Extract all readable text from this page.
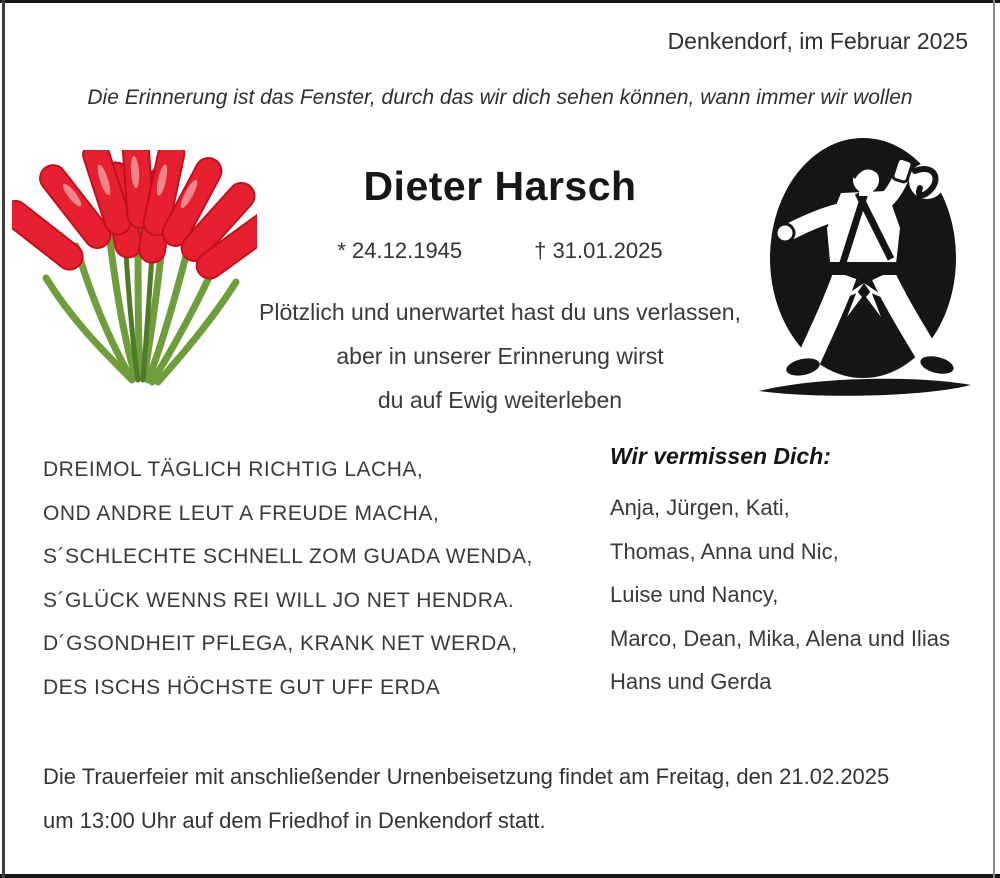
Denkendorf, im Februar 2025
Die Erinnerung ist das Fenster, durch das wir dich sehen können, wann immer wir wollen
Dieter Harsch
* 24.12.1945	† 31.01.2025
Plötzlich und unerwartet hast du uns verlassen,
aber in unserer Erinnerung wirst
du auf Ewig weiterleben
DREIMOL TÄGLICH RICHTIG LACHA,
OND ANDRE LEUT A FREUDE MACHA,
S´SCHLECHTE SCHNELL ZOM GUADA WENDA,
S´GLÜCK WENNS REI WILL JO NET HENDRA.
D´GSONDHEIT PFLEGA, KRANK NET WERDA,
DES ISCHS HÖCHSTE GUT UFF ERDA
Wir vermissen Dich:
Anja, Jürgen, Kati,
Thomas, Anna und Nic,
Luise und Nancy,
Marco, Dean, Mika, Alena und Ilias
Hans und Gerda
Die Trauerfeier mit anschließender Urnenbeisetzung findet am Freitag, den 21.02.2025
um 13:00 Uhr auf dem Friedhof in Denkendorf statt.
